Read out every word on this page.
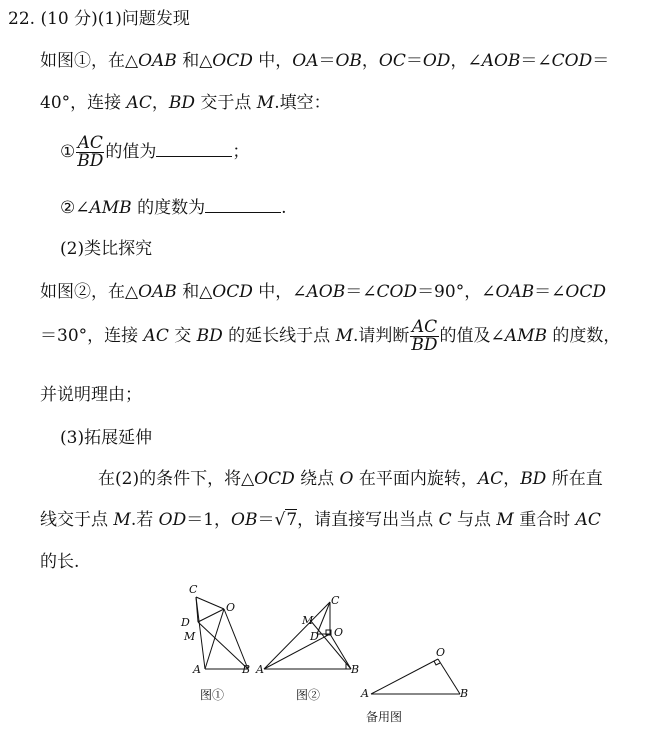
22. (10 分)(1)问题发现
如图①，在△OAB 和△OCD 中，OA＝OB，OC＝OD，∠AOB＝∠COD＝
40°，连接 AC，BD 交于点 M.填空：
① $\frac{AC}{BD}$ 的值为	；
②∠AMB 的度数为	.
(2)类比探究
如图②，在△OAB 和△OCD 中，∠AOB＝∠COD＝90°，∠OAB＝∠OCD
＝30°，连接 AC 交 BD 的延长线于点 M.请判断 $\frac{AC}{BD}$ 的值及∠AMB 的度数，
并说明理由；
(3)拓展延伸
在(2)的条件下，将△OCD 绕点 O 在平面内旋转，AC，BD 所在直
线交于点 M.若 OD＝1，OB＝√7，请直接写出当点 C 与点 M 重合时 AC
的长.
C
D
O
M
A	B
C
M
D O
A	B
O
A	B
图①	图②
备用图
